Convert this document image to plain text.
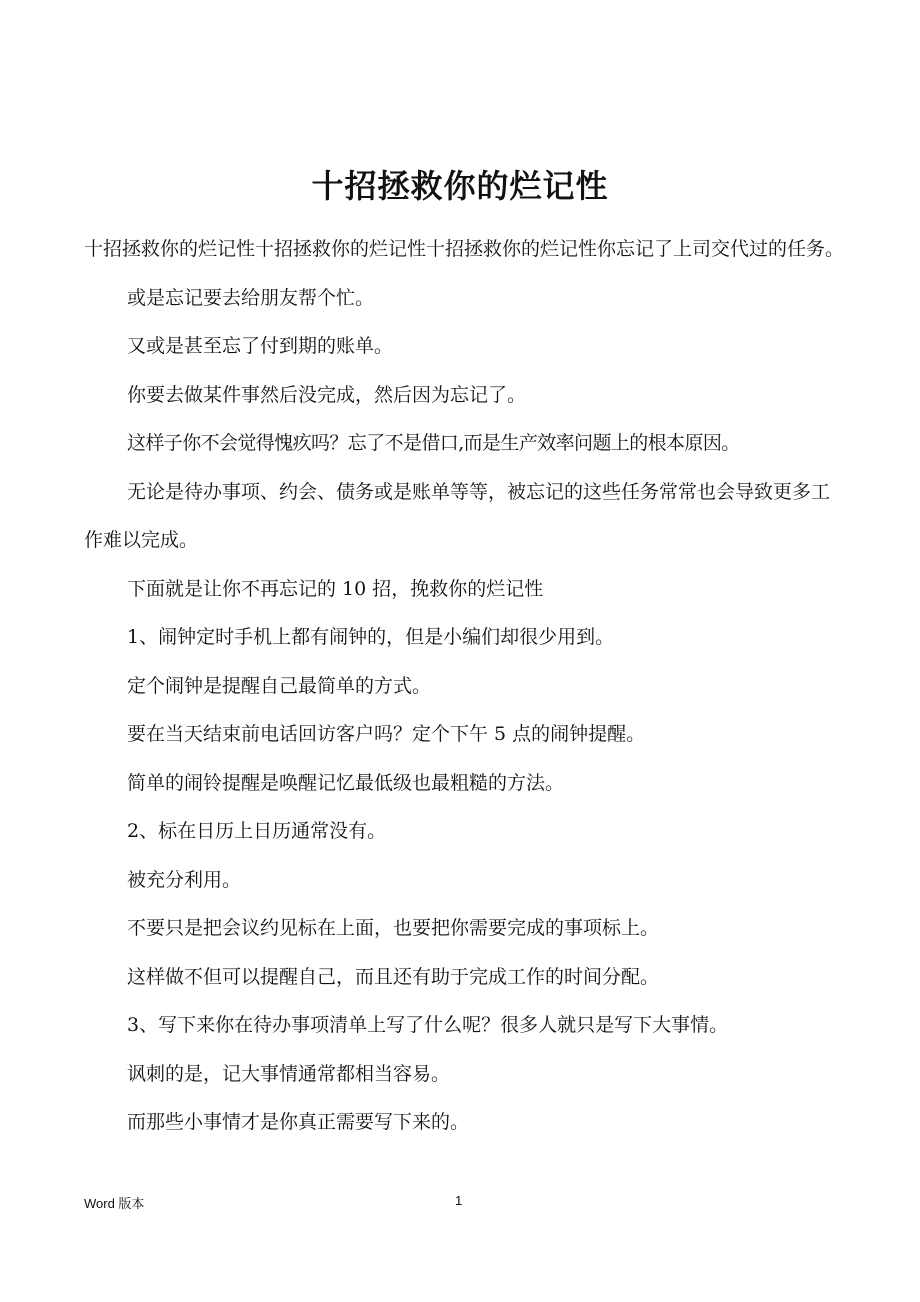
十招拯救你的烂记性

十招拯救你的烂记性十招拯救你的烂记性十招拯救你的烂记性你忘记了上司交代过的任务。

或是忘记要去给朋友帮个忙。

又或是甚至忘了付到期的账单。

你要去做某件事然后没完成，然后因为忘记了。

这样子你不会觉得愧疚吗？忘了不是借口,而是生产效率问题上的根本原因。

无论是待办事项、约会、债务或是账单等等，被忘记的这些任务常常也会导致更多工作难以完成。

下面就是让你不再忘记的 10 招，挽救你的烂记性

1、闹钟定时手机上都有闹钟的，但是小编们却很少用到。

定个闹钟是提醒自己最简单的方式。

要在当天结束前电话回访客户吗？定个下午 5 点的闹钟提醒。

简单的闹铃提醒是唤醒记忆最低级也最粗糙的方法。

2、标在日历上日历通常没有。

被充分利用。

不要只是把会议约见标在上面，也要把你需要完成的事项标上。

这样做不但可以提醒自己，而且还有助于完成工作的时间分配。

3、写下来你在待办事项清单上写了什么呢？很多人就只是写下大事情。

讽刺的是，记大事情通常都相当容易。

而那些小事情才是你真正需要写下来的。

Word 版本	1
